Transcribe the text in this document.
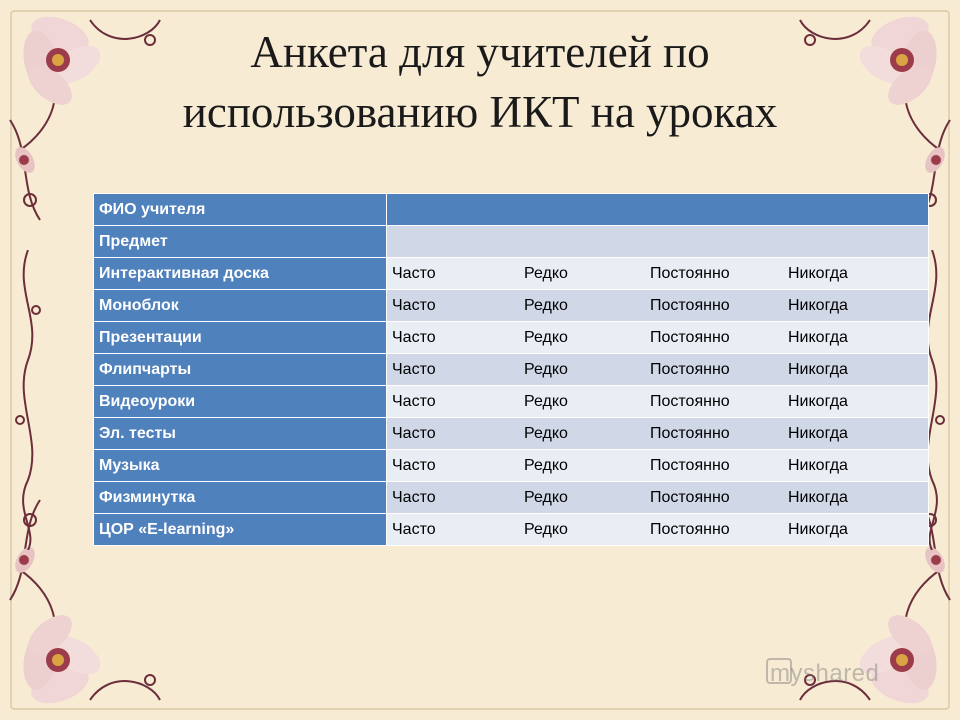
Анкета для учителей по
использованию ИКТ на уроках
ФИО учителя	
Предмет	
Интерактивная доска	Часто Редко Постоянно Никогда

Моноблок	Часто Редко Постоянно Никогда

Презентации	Часто Редко Постоянно Никогда

Флипчарты	Часто Редко Постоянно Никогда

Видеоуроки	Часто Редко Постоянно Никогда

Эл. тесты	Часто Редко Постоянно Никогда

Музыка	Часто Редко Постоянно Никогда

Физминутка	Часто Редко Постоянно Никогда

ЦОР «E-learning»	Часто Редко Постоянно Никогда
myshared
